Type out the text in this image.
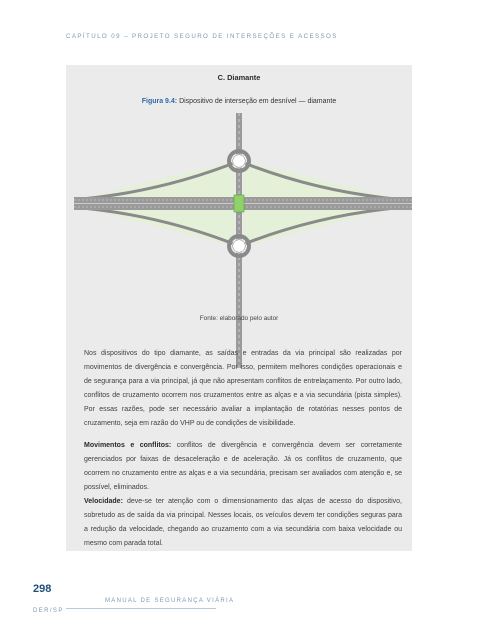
CAPÍTULO 09 – PROJETO SEGURO DE INTERSEÇÕES E ACESSOS
C. Diamante
Figura 9.4: Dispositivo de interseção em desnível — diamante
Fonte: elaborado pelo autor

Nos dispositivos do tipo diamante, as saídas e entradas da via principal são realizadas por movimentos de divergência e convergência. Por isso, permitem melhores condições operacionais e de segurança para a via principal, já que não apresentam conflitos de entrelaçamento. Por outro lado, conflitos de cruzamento ocorrem nos cruzamentos entre as alças e a via secundária (pista simples). Por essas razões, pode ser necessário avaliar a implantação de rotatórias nesses pontos de cruzamento, seja em razão do VHP ou de condições de visibilidade.

Movimentos e conflitos: conflitos de divergência e convergência devem ser corretamente gerenciados por faixas de desaceleração e de aceleração. Já os conflitos de cruzamento, que ocorrem no cruzamento entre as alças e a via secundária, precisam ser avaliados com atenção e, se possível, eliminados.

Velocidade: deve-se ter atenção com o dimensionamento das alças de acesso do dispositivo, sobretudo as de saída da via principal. Nesses locais, os veículos devem ter condições seguras para a redução da velocidade, chegando ao cruzamento com a via secundária com baixa velocidade ou mesmo com parada total.

298
MANUAL DE SEGURANÇA VIÁRIA
DER/SP
